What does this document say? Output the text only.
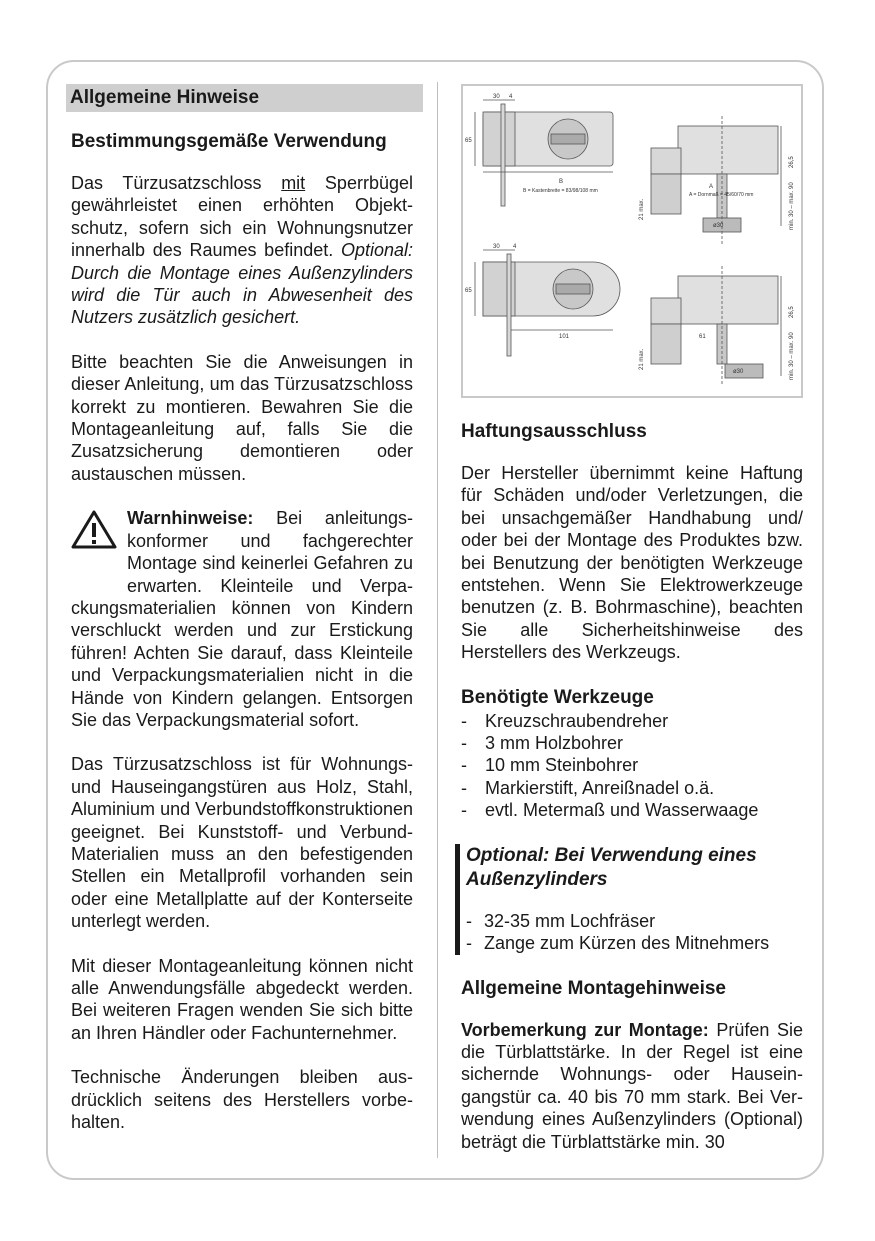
Allgemeine Hinweise
Bestimmungsgemäße Verwendung

Das Türzusatzschloss mit Sperrbügel gewährleistet einen erhöhten Objektschutz, sofern sich ein Wohnungsnutzer innerhalb des Raumes befindet. Optional: Durch die Montage eines Außenzylinders wird die Tür auch in Abwesenheit des Nutzers zusätzlich gesichert.

Bitte beachten Sie die Anweisungen in dieser Anleitung, um das Türzusatzschloss korrekt zu montieren. Bewahren Sie die Montageanleitung auf, falls Sie die Zusatzsicherung demontieren oder austauschen müssen.

Warnhinweise: Bei anleitungskonformer und fachgerechter Montage sind keinerlei Gefahren zu erwarten. Kleinteile und Verpackungsmaterialien können von Kindern verschluckt werden und zur Erstickung führen! Achten Sie darauf, dass Kleinteile und Verpackungsmaterialien nicht in die Hände von Kindern gelangen. Entsorgen Sie das Verpackungsmaterial sofort.

Das Türzusatzschloss ist für Wohnungs- und Hauseingangstüren aus Holz, Stahl, Aluminium und Verbundstoffkonstruktionen geeignet. Bei Kunststoff- und Verbund-Materialien muss an den befestigenden Stellen ein Metallprofil vorhanden sein oder eine Metallplatte auf der Konterseite unterlegt werden.

Mit dieser Montageanleitung können nicht alle Anwendungsfälle abgedeckt werden. Bei weiteren Fragen wenden Sie sich bitte an Ihren Händler oder Fachunternehmer.

Technische Änderungen bleiben ausdrücklich seitens des Herstellers vorbehalten.

30 4
65
B
B = Kastenbreite = 83/98/108 mm
A
A = Dornmaß = 45/60/70 mm
ø30
21 max.	min. 30 – max. 90
26,5
30 4
65
101	61
ø30
21 max.	min. 30 – max. 90
26,5
Haftungsausschluss

Der Hersteller übernimmt keine Haftung für Schäden und/oder Verletzungen, die bei unsachgemäßer Handhabung und/ oder bei der Montage des Produktes bzw. bei Benutzung der benötigten Werkzeuge entstehen. Wenn Sie Elektrowerkzeuge benutzen (z. B. Bohrmaschine), beachten Sie alle Sicherheitshinweise des Herstellers des Werkzeugs.

Benötigte Werkzeuge
- Kreuzschraubendreher
- 3 mm Holzbohrer
- 10 mm Steinbohrer
- Markierstift, Anreißnadel o.ä.
- evtl. Metermaß und Wasserwaage
Optional: Bei Verwendung eines Außenzylinders
- 32-35 mm Lochfräser
- Zange zum Kürzen des Mitnehmers
Allgemeine Montagehinweise

Vorbemerkung zur Montage: Prüfen Sie die Türblattstärke. In der Regel ist eine sichernde Wohnungs- oder Hauseingangstür ca. 40 bis 70 mm stark. Bei Verwendung eines Außenzylinders (Optional) beträgt die Türblattstärke min. 30
